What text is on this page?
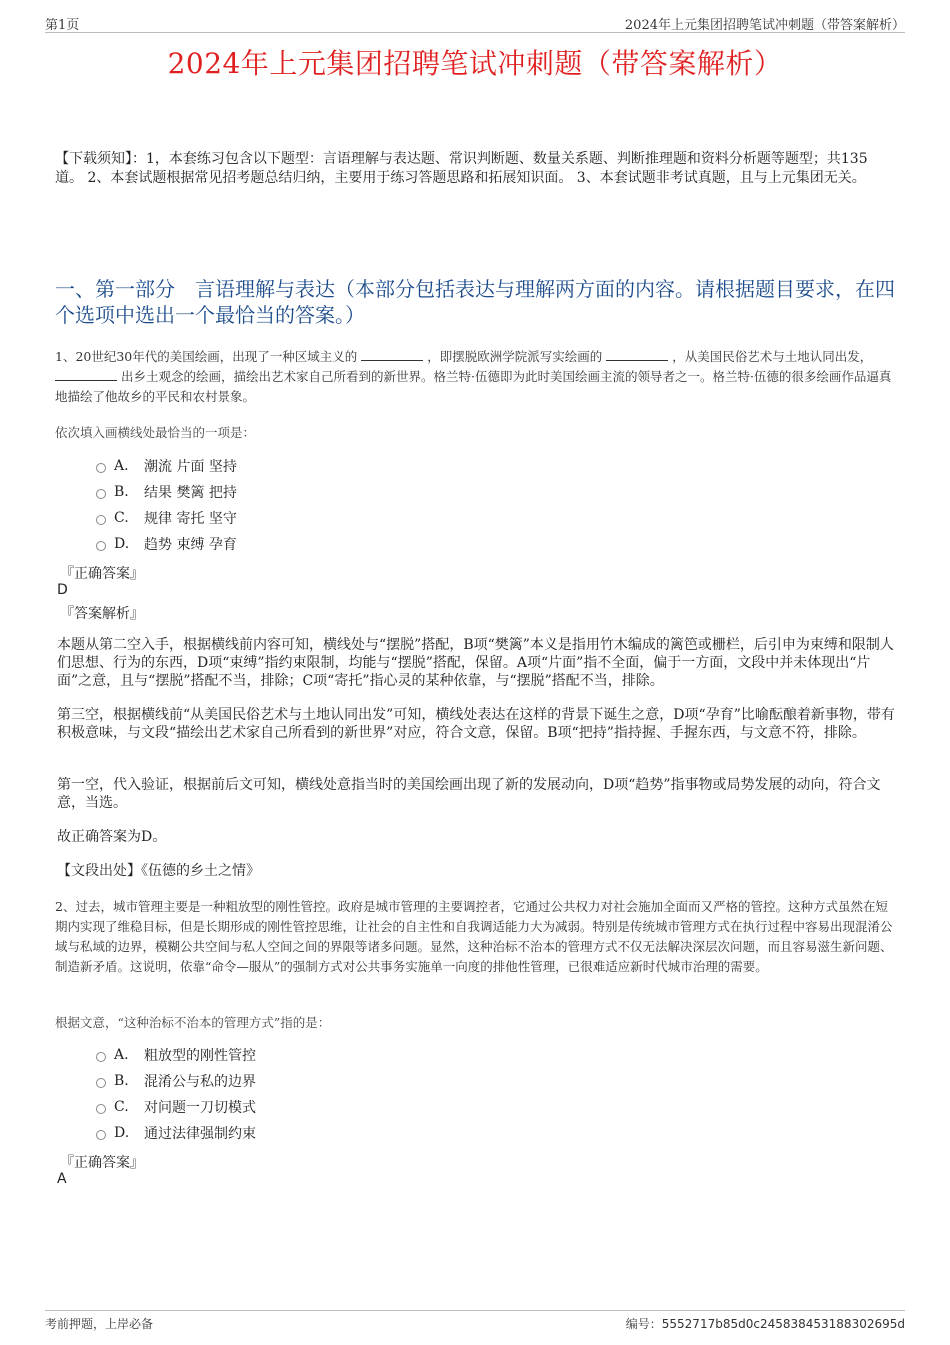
第1页	2024年上元集团招聘笔试冲刺题（带答案解析）
2024年上元集团招聘笔试冲刺题（带答案解析）
【下载须知】：1，本套练习包含以下题型：言语理解与表达题、常识判断题、数量关系题、判断推理题和资料分析题等题型；共135道。 2、本套试题根据常见招考题总结归纳，主要用于练习答题思路和拓展知识面。 3、本套试题非考试真题，且与上元集团无关。
一、第一部分　言语理解与表达（本部分包括表达与理解两方面的内容。请根据题目要求，在四个选项中选出一个最恰当的答案。）
1、20世纪30年代的美国绘画，出现了一种区域主义的	，即摆脱欧洲学院派写实绘画的	，从美国民俗艺术与土地认同出发，  出乡土观念的绘画，描绘出艺术家自己所看到的新世界。格兰特·伍德即为此时美国绘画主流的领导者之一。格兰特·伍德的很多绘画作品逼真地描绘了他故乡的平民和农村景象。
依次填入画横线处最恰当的一项是：
A.	潮流 片面 坚持
B.	结果 樊篱 把持
C.	规律 寄托 坚守
D.	趋势 束缚 孕育
『正确答案』
D
『答案解析』
本题从第二空入手，根据横线前内容可知，横线处与“摆脱”搭配，B项“樊篱”本义是指用竹木编成的篱笆或栅栏，后引申为束缚和限制人们思想、行为的东西，D项“束缚”指约束限制，均能与“摆脱”搭配，保留。A项“片面”指不全面，偏于一方面，文段中并未体现出“片面”之意，且与“摆脱”搭配不当，排除；C项“寄托”指心灵的某种依靠，与“摆脱”搭配不当，排除。
第三空，根据横线前“从美国民俗艺术与土地认同出发”可知，横线处表达在这样的背景下诞生之意，D项“孕育”比喻酝酿着新事物，带有积极意味，与文段“描绘出艺术家自己所看到的新世界”对应，符合文意，保留。B项“把持”指持握、手握东西，与文意不符，排除。
第一空，代入验证，根据前后文可知，横线处意指当时的美国绘画出现了新的发展动向，D项“趋势”指事物或局势发展的动向，符合文意，当选。
故正确答案为D。
【文段出处】《伍德的乡土之情》
2、过去，城市管理主要是一种粗放型的刚性管控。政府是城市管理的主要调控者，它通过公共权力对社会施加全面而又严格的管控。这种方式虽然在短期内实现了维稳目标，但是长期形成的刚性管控思维，让社会的自主性和自我调适能力大为减弱。特别是传统城市管理方式在执行过程中容易出现混淆公域与私域的边界，模糊公共空间与私人空间之间的界限等诸多问题。显然，这种治标不治本的管理方式不仅无法解决深层次问题，而且容易滋生新问题、制造新矛盾。这说明，依靠“命令—服从”的强制方式对公共事务实施单一向度的排他性管理，已很难适应新时代城市治理的需要。
根据文意，“这种治标不治本的管理方式”指的是：
A.	粗放型的刚性管控
B.	混淆公与私的边界
C.	对问题一刀切模式
D.	通过法律强制约束
『正确答案』
A
考前押题，上岸必备	编号：5552717b85d0c245838453188302695d
